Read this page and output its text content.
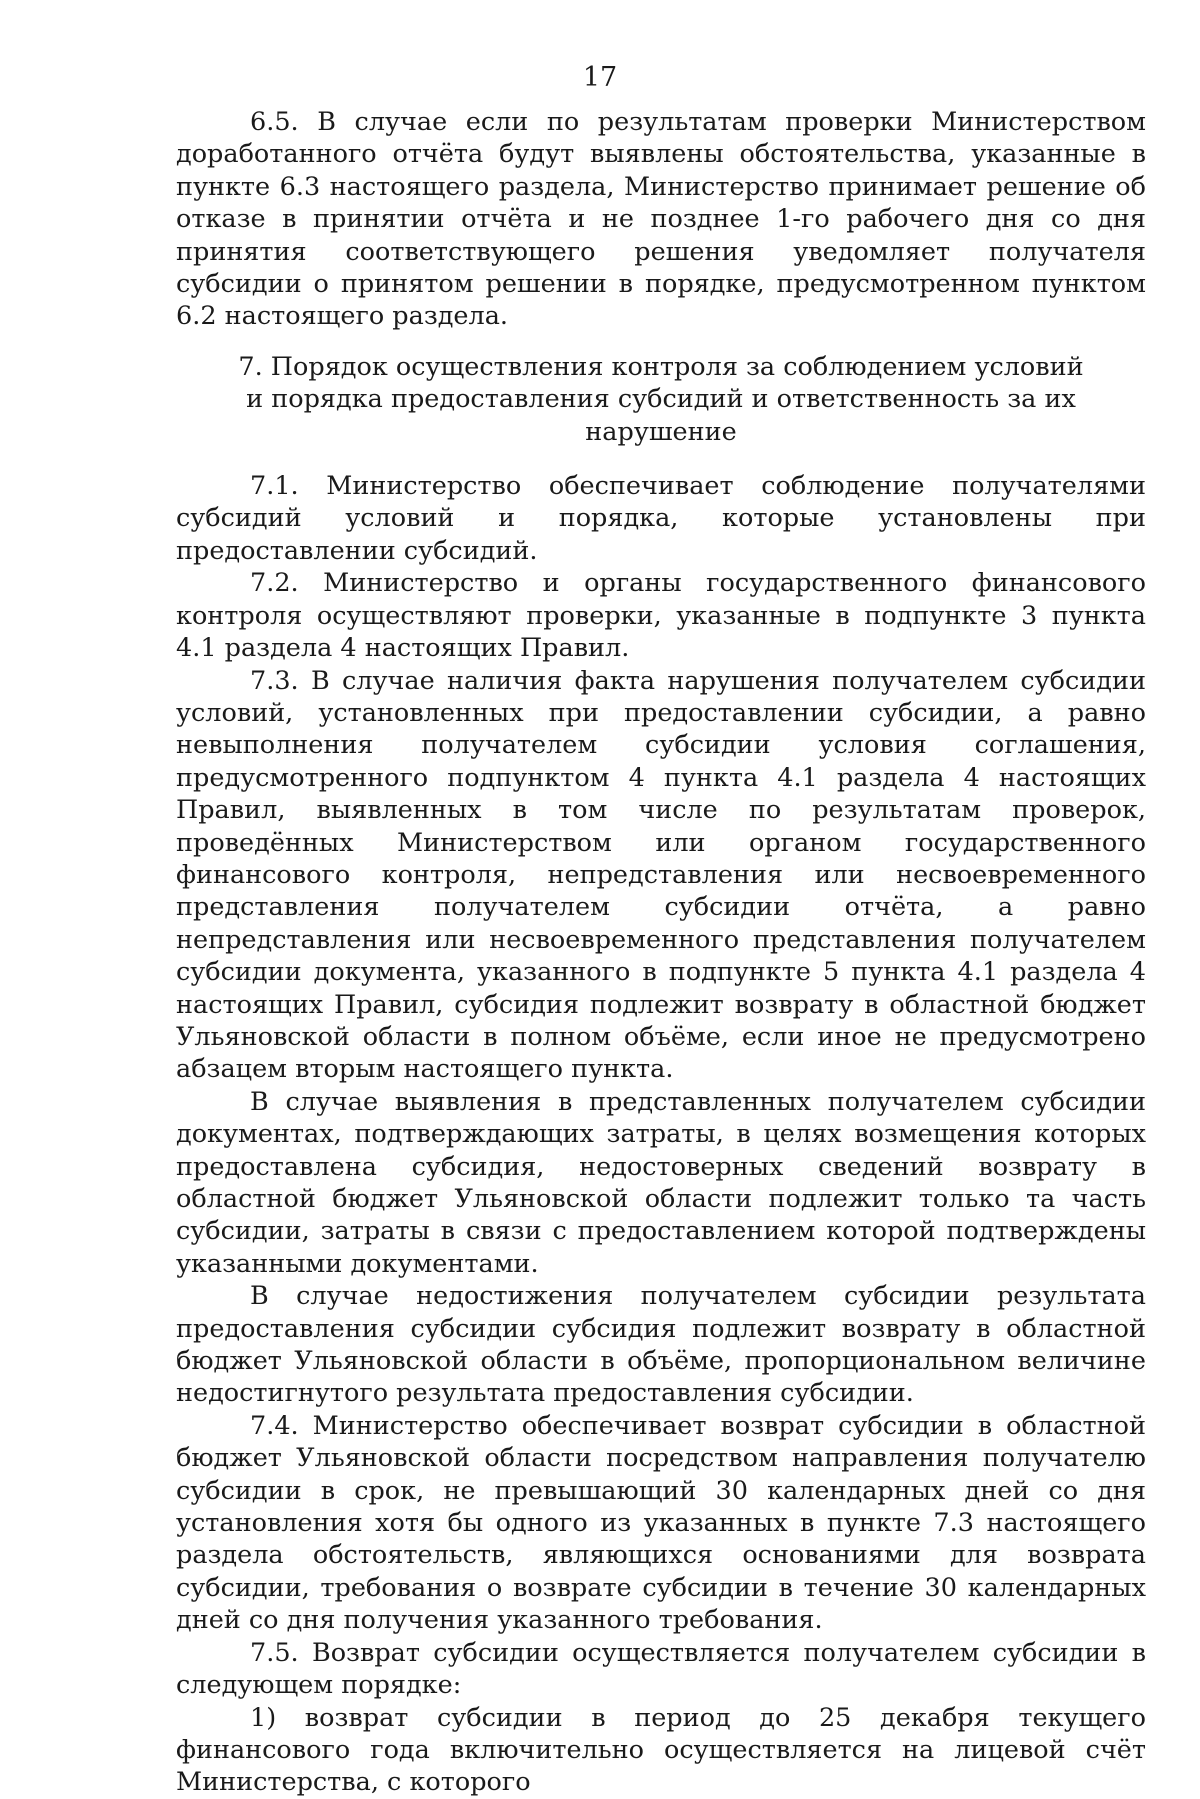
17

6.5. В случае если по результатам проверки Министерством доработанного отчёта будут выявлены обстоятельства, указанные в пункте 6.3 настоящего раздела, Министерство принимает решение об отказе в принятии отчёта и не позднее 1-го рабочего дня со дня принятия соответствующего решения уведомляет получателя субсидии о принятом решении в порядке, предусмотренном пунктом 6.2 настоящего раздела.

7. Порядок осуществления контроля за соблюдением условий
и порядка предоставления субсидий и ответственность за их нарушение

7.1. Министерство обеспечивает соблюдение получателями субсидий условий и порядка, которые установлены при предоставлении субсидий.

7.2. Министерство и органы государственного финансового контроля осуществляют проверки, указанные в подпункте 3 пункта 4.1 раздела 4 настоящих Правил.

7.3. В случае наличия факта нарушения получателем субсидии условий, установленных при предоставлении субсидии, а равно невыполнения получателем субсидии условия соглашения, предусмотренного подпунктом 4 пункта 4.1 раздела 4 настоящих Правил, выявленных в том числе по результатам проверок, проведённых Министерством или органом государственного финансового контроля, непредставления или несвоевременного представления получателем субсидии отчёта, а равно непредставления или несвоевременного представления получателем субсидии документа, указанного в подпункте 5 пункта 4.1 раздела 4 настоящих Правил, субсидия подлежит возврату в областной бюджет Ульяновской области в полном объёме, если иное не предусмотрено абзацем вторым настоящего пункта.

В случае выявления в представленных получателем субсидии документах, подтверждающих затраты, в целях возмещения которых предоставлена субсидия, недостоверных сведений возврату в областной бюджет Ульяновской области подлежит только та часть субсидии, затраты в связи с предоставлением которой подтверждены указанными документами.

В случае недостижения получателем субсидии результата предоставления субсидии субсидия подлежит возврату в областной бюджет Ульяновской области в объёме, пропорциональном величине недостигнутого результата предоставления субсидии.

7.4. Министерство обеспечивает возврат субсидии в областной бюджет Ульяновской области посредством направления получателю субсидии в срок, не превышающий 30 календарных дней со дня установления хотя бы одного из указанных в пункте 7.3 настоящего раздела обстоятельств, являющихся основаниями для возврата субсидии, требования о возврате субсидии в течение 30 календарных дней со дня получения указанного требования.

7.5. Возврат субсидии осуществляется получателем субсидии в следующем порядке:

1) возврат субсидии в период до 25 декабря текущего финансового года включительно осуществляется на лицевой счёт Министерства, с которого
